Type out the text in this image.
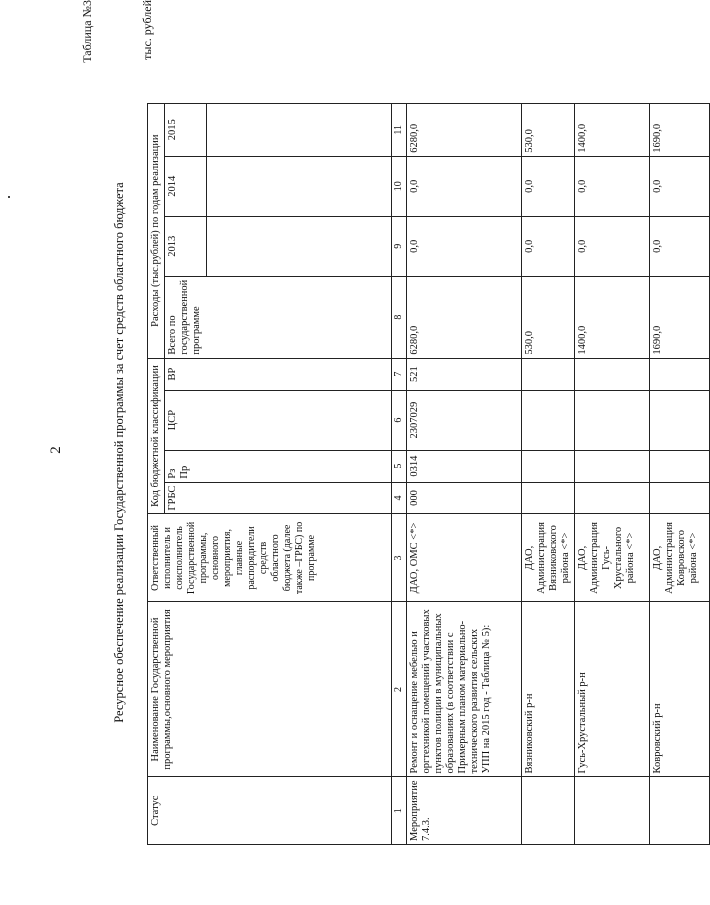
2
Таблица №3
Ресурсное обеспечение реализации Государственной программы за счет средств областного бюджета
тыс. рублей
Статус	Наименование Государственной программы,основного мероприятия	Ответственный исполнитель и соисполнитель Государственной программы, основного мероприятия, главные распорядители средств областного бюджета (далее также –ГРБС) по программе	Код бюджетной классификации				Расходы (тыс.рублей) по годам реализации			
			ГРБС	Рз Пр	ЦСР	ВР	Всего по государственной программе	2013	2014	2015

1	2	3	4	5	6	7	8	9	10	11
Мероприятие 7.4.3.	Ремонт и оснащение мебелью и оргтехникой помещений участковых пунктов полиции в муниципальных образованиях (в соответствии с Примерным планом материально-технического развития сельских УПП на 2015 год - Таблица № 5):	ДАО, ОМС <*>	000	0314	2307029	521	6280,0	0,0	0,0	6280,0
	Вязниковский р-н	ДАО, Администрация Вязниковского района <*>					530,0	0,0	0,0	530,0
	Гусь-Хрустальный р-н	ДАО, Администрация Гусь-Хрустального района <*>					1400,0	0,0	0,0	1400,0
	Ковровский р-н	ДАО, Администрация Ковровского района <*>					1690,0	0,0	0,0	1690,0
